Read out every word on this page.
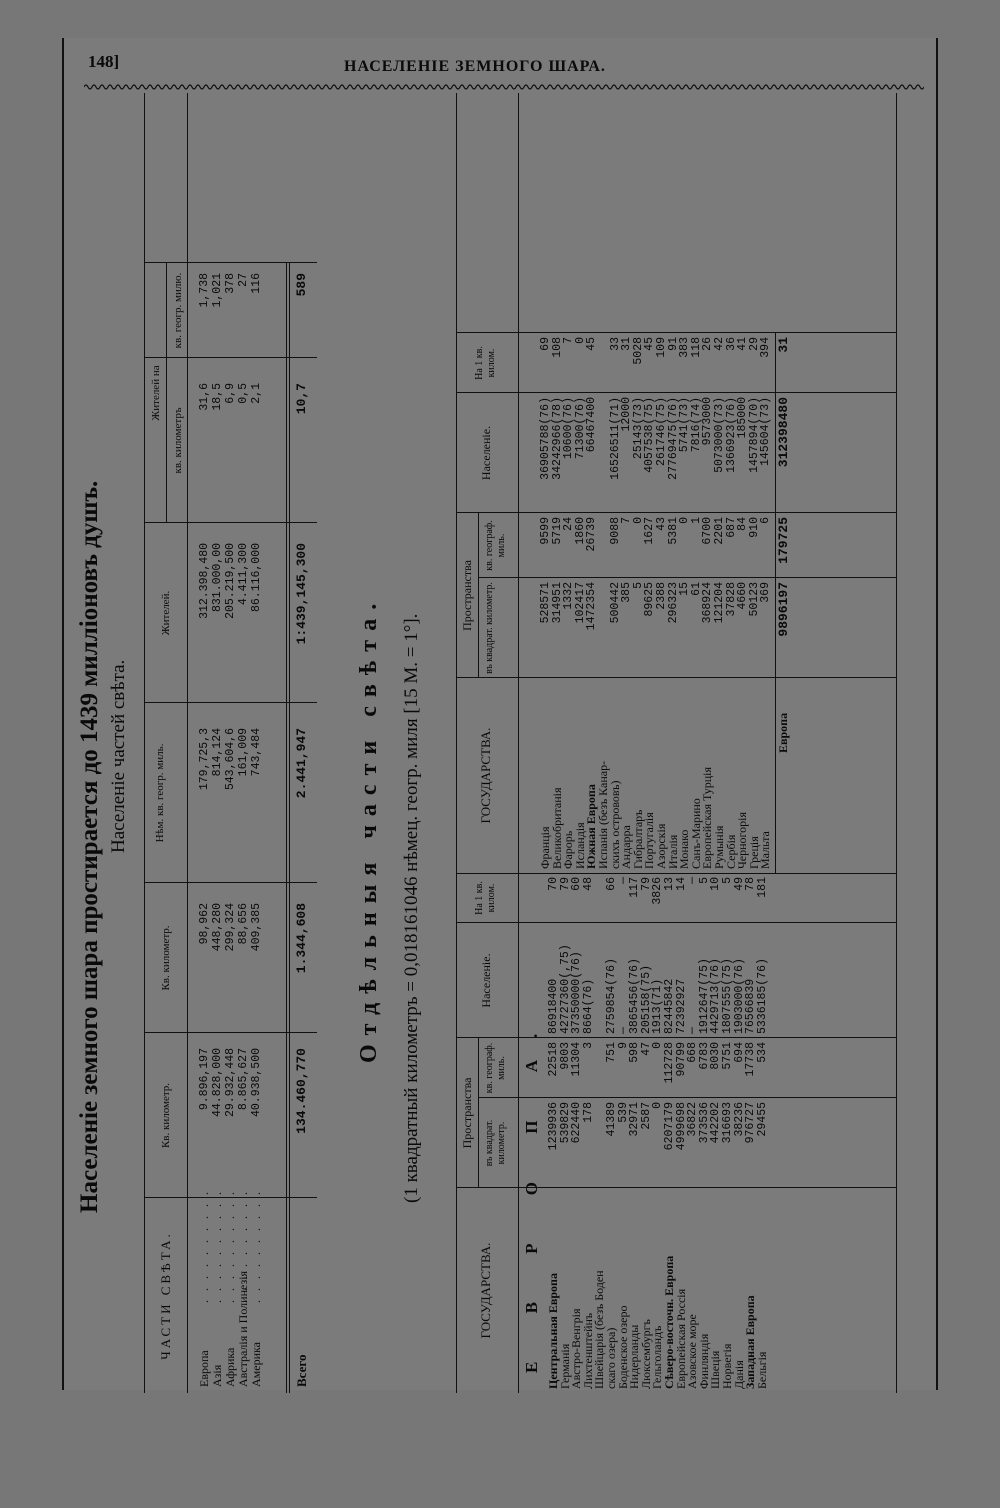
148]	НАСЕЛЕНІЕ ЗЕМНОГО ШАРА.
Населеніе земного шара простирается до 1439 милліоновъ душъ. Населеніе частей свѣта.
ЧАСТИ СВѢТА.
Кв. километр.
Кв. километр.
Нѣм. кв. геогр. миль.
Жителей.
Жителей на
кв. километръ
кв. геогр. милю.
Европа
. . . . . . . . . .
9.896,197
98,962
179,725,3
312.398,480
31,6
1,738
Азія
. . . . . . . . . .
44.828,000
448,280
814,124
831.000,00
18,5
1,021
Африка
. . . . . . . . . .
29.932,448
299,324
543,604,6
205.219,500
6,9
378
Австралія и Полинезія
. . . . . . . . . .
8.865,627
88,656
161,009
4.411,300
0,5
27
Америка
. . . . . . . . . .
40.938,500
409,385
743,484
86.116,000
2,1
116
Всего
134.460,770
1.344,608
2.441,947
1:439,145,300
10,7
589
Отдѣльныя части свѣта. (1 квадратный километръ = 0,018161046 нѣмец. геогр. миля [15 М. = 1°].
ГОСУДАРСТВА.
Пространства въ квадрат. километр.
кв. географ. миль.
Населеніе.
На 1 кв. килом.
ГОСУДАРСТВА.
Пространства въ квадрат. километр.
кв. географ. миль.
Населеніе.
На 1 кв. килом.
Е В Р О П А. Центральная Европа
1239936
22518
86918400
70
Германія
539829
9803
42727360(,75)
79
Австро-Венгрія
622440
11304
37350000(76)
60
Лихтенштейнъ
178
3
8664(76)
48
Швейцарія (безъ Боден
скаго озера)
41389
751
2759854(76)
66
Боденское озеро
539
9
—
—
Нидерланды
32971
598
3865456(76)
117
Люксембургъ
2587
47
205158(75)
79
Гельголандъ
0
0
1913(71)
3826
Сѣверо-восточн. Европа
6207179
112728
82445842
13
Европейская Россія
4999698
90799
72392927
14
Азовское море
36822
668
—
—
Финляндія
373536
6783
1912647(75)
5
Швеція
442202
8030
4429713(76)
10
Норвегія
316693
5751
1807555(75)
5
Данія
38236
694
1903000(76)
49
Западная Европа
976727
17738
76566839
78
Бельгія
29455
534
5336185(76)
181
Франція
528571
9599
36905788(76)
69
Великобританія
314951
5719
34242966(78)
108
Фарорь
1332
24
10600(76)
7
Исландія
102417
1860
71300(76)
0
Южная Европа
1472354
26739
66467400
45
Испанія (безъ Канар-
скихъ острововъ)
500442
9088
16526511(71)
33
Андарра
385
7
12000
31
Гибралтаръ
5
0
25143(73)
5028
Португалія
89625
1627
4057538(75)
45
Азорскія
2388
43
261746(75)
109
Италія
296323
5381
27769475(76)
91
Монако
15
0
5741(73)
383
Санъ-Марино
61
1
7816(74)
118
Европейская Турція
368924
6700
9573000
26
Румынія
121204
2201
5073000(73)
42
Сербія
37828
687
1366923(76)
36
Черногорія
4660
84
185000
41
Греція
50123
910
1457894(70)
29
Мальта
369
6
145604(73)
394
Европа
9896197
179725
312398480
31
